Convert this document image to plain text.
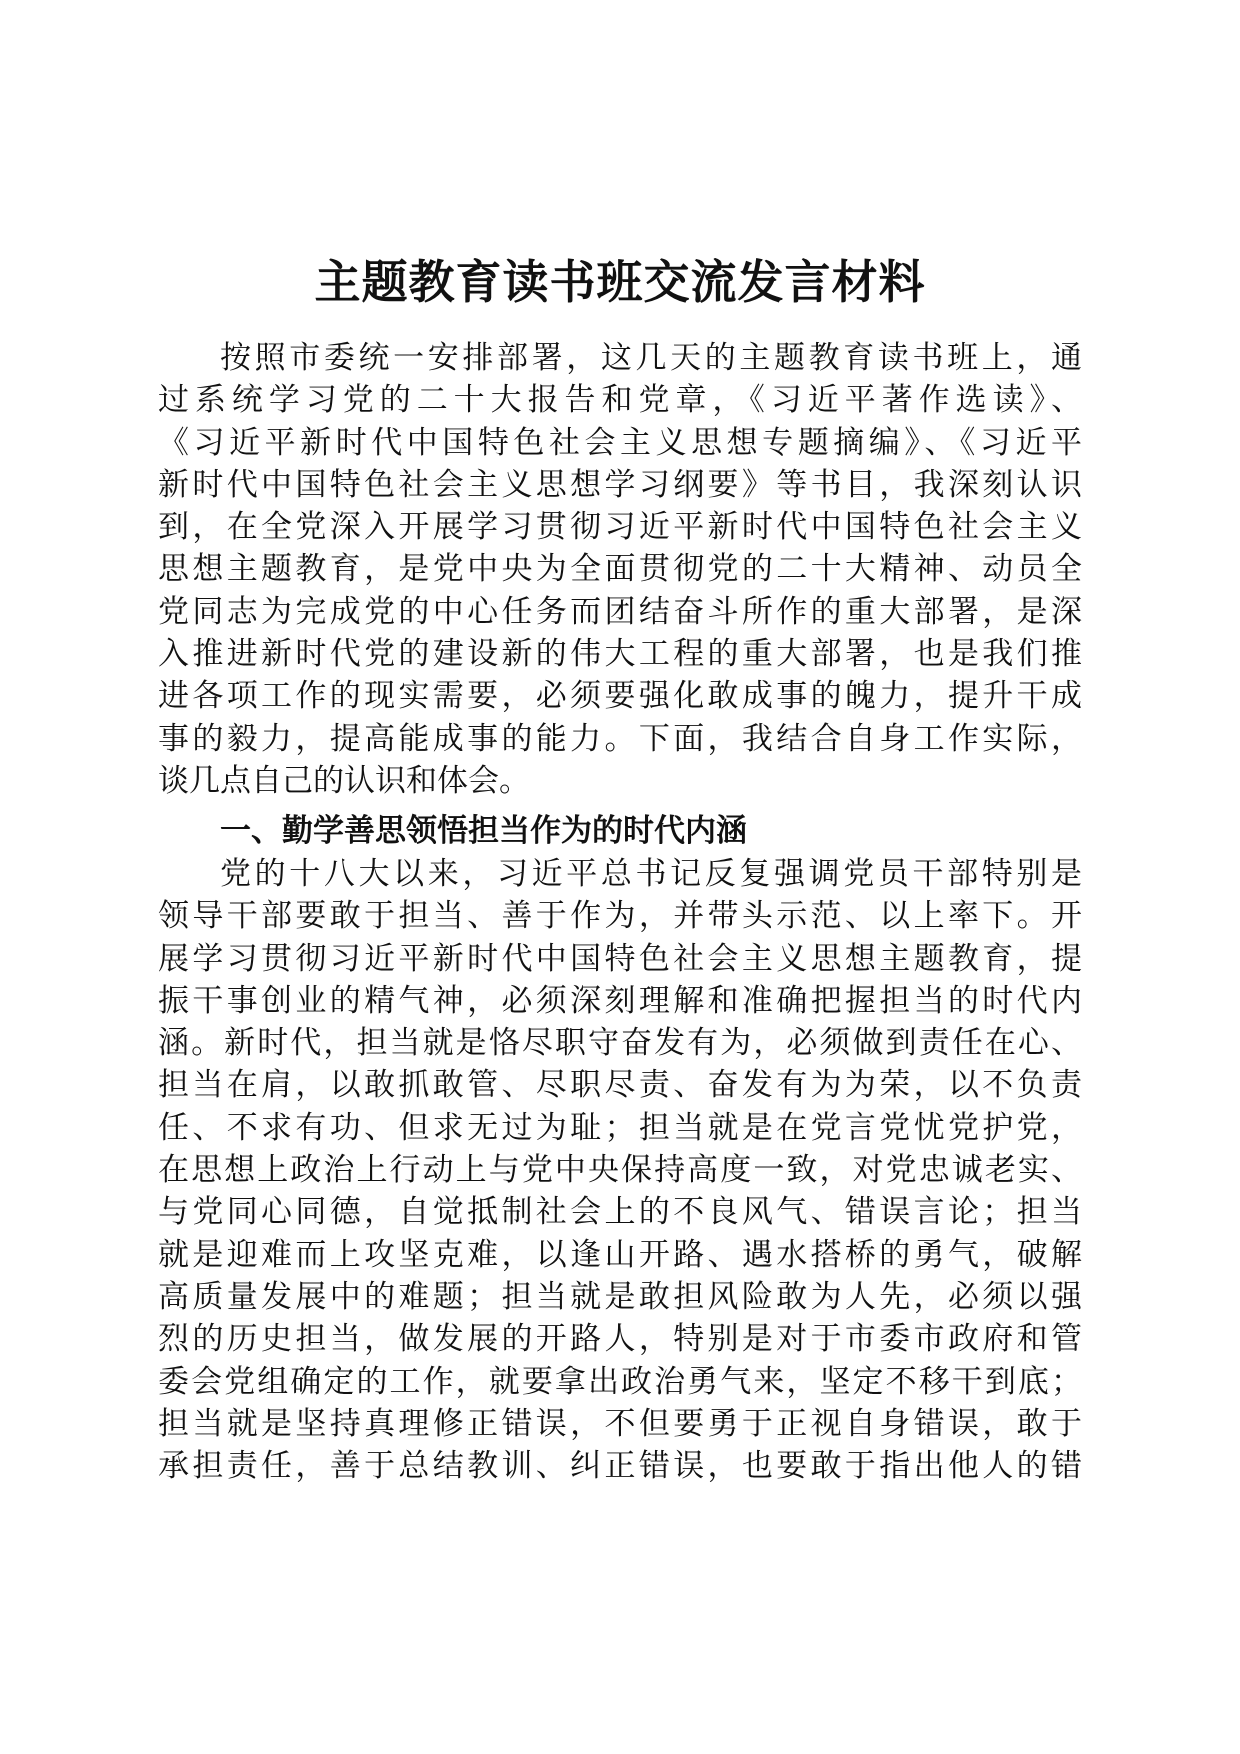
主题教育读书班交流发言材料
按照市委统一安排部署，这几天的主题教育读书班上，通
过系统学习党的二十大报告和党章，《习近平著作选读》、
《习近平新时代中国特色社会主义思想专题摘编》、《习近平
新时代中国特色社会主义思想学习纲要》等书目，我深刻认识
到，在全党深入开展学习贯彻习近平新时代中国特色社会主义
思想主题教育，是党中央为全面贯彻党的二十大精神、动员全
党同志为完成党的中心任务而团结奋斗所作的重大部署，是深
入推进新时代党的建设新的伟大工程的重大部署，也是我们推
进各项工作的现实需要，必须要强化敢成事的魄力，提升干成
事的毅力，提高能成事的能力。下面，我结合自身工作实际，
谈几点自己的认识和体会。
一、勤学善思领悟担当作为的时代内涵
党的十八大以来，习近平总书记反复强调党员干部特别是
领导干部要敢于担当、善于作为，并带头示范、以上率下。开
展学习贯彻习近平新时代中国特色社会主义思想主题教育，提
振干事创业的精气神，必须深刻理解和准确把握担当的时代内
涵。新时代，担当就是恪尽职守奋发有为，必须做到责任在心、
担当在肩，以敢抓敢管、尽职尽责、奋发有为为荣，以不负责
任、不求有功、但求无过为耻；担当就是在党言党忧党护党，
在思想上政治上行动上与党中央保持高度一致，对党忠诚老实、
与党同心同德，自觉抵制社会上的不良风气、错误言论；担当
就是迎难而上攻坚克难，以逢山开路、遇水搭桥的勇气，破解
高质量发展中的难题；担当就是敢担风险敢为人先，必须以强
烈的历史担当，做发展的开路人，特别是对于市委市政府和管
委会党组确定的工作，就要拿出政治勇气来，坚定不移干到底；
担当就是坚持真理修正错误，不但要勇于正视自身错误，敢于
承担责任，善于总结教训、纠正错误，也要敢于指出他人的错
